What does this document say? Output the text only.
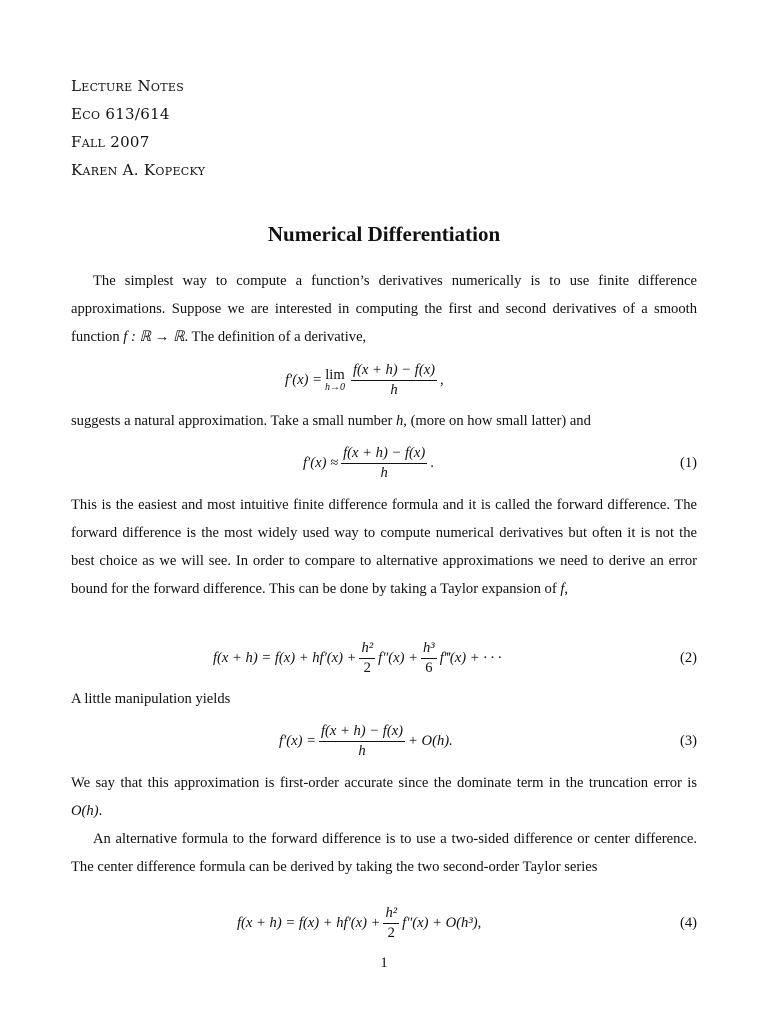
Lecture Notes
Eco 613/614
Fall 2007
Karen A. Kopecky
Numerical Differentiation

The simplest way to compute a function’s derivatives numerically is to use finite difference approximations. Suppose we are interested in computing the first and second derivatives of a smooth function f : ℝ → ℝ. The definition of a derivative,

f′(x) = lim
$h\to 0 \frac{f(x + h) - f(x)}{h}$ ,

suggests a natural approximation. Take a small number h, (more on how small latter) and

$f'(x) \approx \frac{f(x + h) - f(x)}{h}$ .	(1)

This is the easiest and most intuitive finite difference formula and it is called the forward difference. The forward difference is the most widely used way to compute numerical derivatives but often it is not the best choice as we will see. In order to compare to alternative approximations we need to derive an error bound for the forward difference. This can be done by taking a Taylor expansion of f,

$f(x + h) = f(x) + hf'(x) + \frac{\text{h²}}{2} f''(x) + \frac{\text{h³}}{6}$ f‴(x) + · · ·	(2)

A little manipulation yields

$f'(x) = \frac{f(x + h) - f(x)}{h} + O(h)$.	(3)

We say that this approximation is first-order accurate since the dominate term in the truncation error is O(h).

An alternative formula to the forward difference is to use a two-sided difference or center difference. The center difference formula can be derived by taking the two second-order Taylor series

$f(x + h) = f(x) + hf'(x) + \frac{\text{h²}}{2} f''(x) + O(h^3)$,	(4)
1
